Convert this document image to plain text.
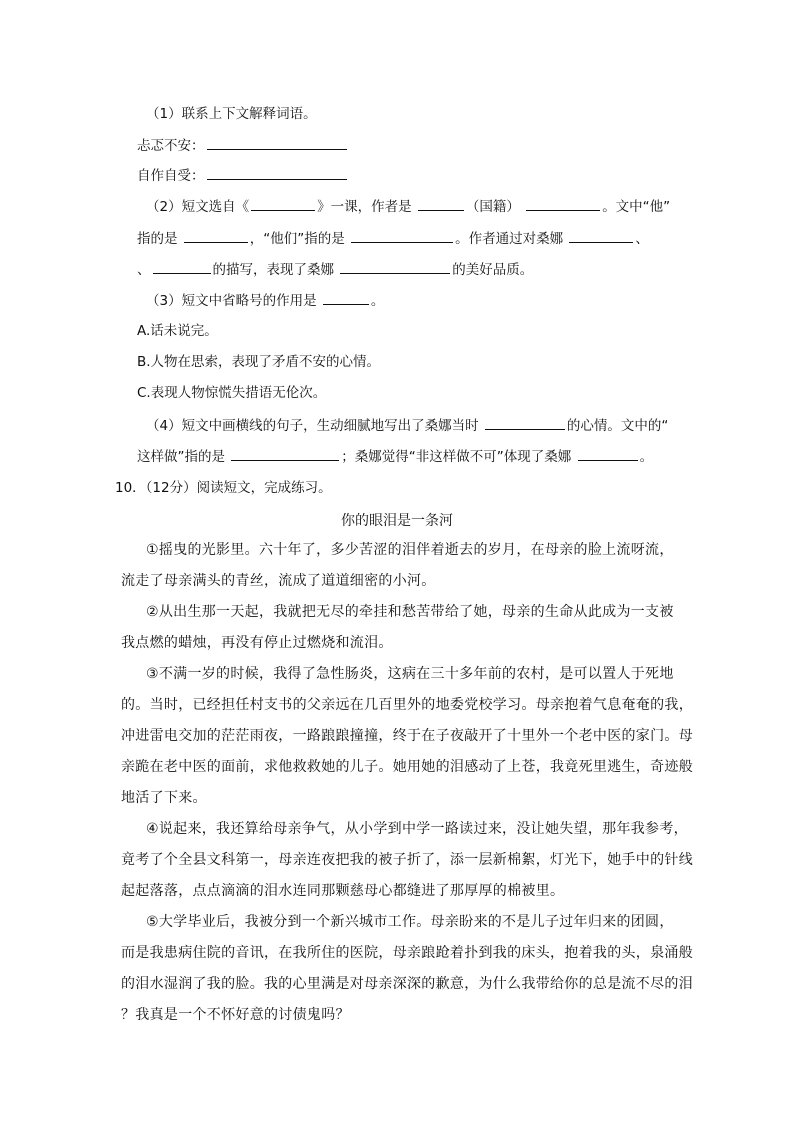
（1）联系上下文解释词语。
忐忑不安：
自作自受：
（2）短文选自《	》一课，作者是	（国籍）	。文中“他”
指的是	，“他们”指的是	。作者通过对桑娜	、
、	的描写，表现了桑娜	的美好品质。
（3）短文中省略号的作用是	。
A.话未说完。
B.人物在思索，表现了矛盾不安的心情。
C.表现人物惊慌失措语无伦次。
（4）短文中画横线的句子，生动细腻地写出了桑娜当时	的心情。文中的“
这样做”指的是	；桑娜觉得“非这样做不可”体现了桑娜	。
10．（12分）阅读短文，完成练习。
你的眼泪是一条河
①摇曳的光影里。六十年了，多少苦涩的泪伴着逝去的岁月，在母亲的脸上流呀流，
流走了母亲满头的青丝，流成了道道细密的小河。
②从出生那一天起，我就把无尽的牵挂和愁苦带给了她，母亲的生命从此成为一支被
我点燃的蜡烛，再没有停止过燃烧和流泪。
③不满一岁的时候，我得了急性肠炎，这病在三十多年前的农村，是可以置人于死地
的。当时，已经担任村支书的父亲远在几百里外的地委党校学习。母亲抱着气息奄奄的我，
冲进雷电交加的茫茫雨夜，一路踉踉撞撞，终于在子夜敲开了十里外一个老中医的家门。母
亲跪在老中医的面前，求他救救她的儿子。她用她的泪感动了上苍，我竟死里逃生，奇迹般
地活了下来。
④说起来，我还算给母亲争气，从小学到中学一路读过来，没让她失望，那年我参考，
竟考了个全县文科第一，母亲连夜把我的被子折了，添一层新棉絮，灯光下，她手中的针线
起起落落，点点滴滴的泪水连同那颗慈母心都缝进了那厚厚的棉被里。
⑤大学毕业后，我被分到一个新兴城市工作。母亲盼来的不是儿子过年归来的团圆，
而是我患病住院的音讯，在我所住的医院，母亲踉跄着扑到我的床头，抱着我的头，泉涌般
的泪水湿润了我的脸。我的心里满是对母亲深深的歉意，为什么我带给你的总是流不尽的泪
？我真是一个不怀好意的讨债鬼吗？
